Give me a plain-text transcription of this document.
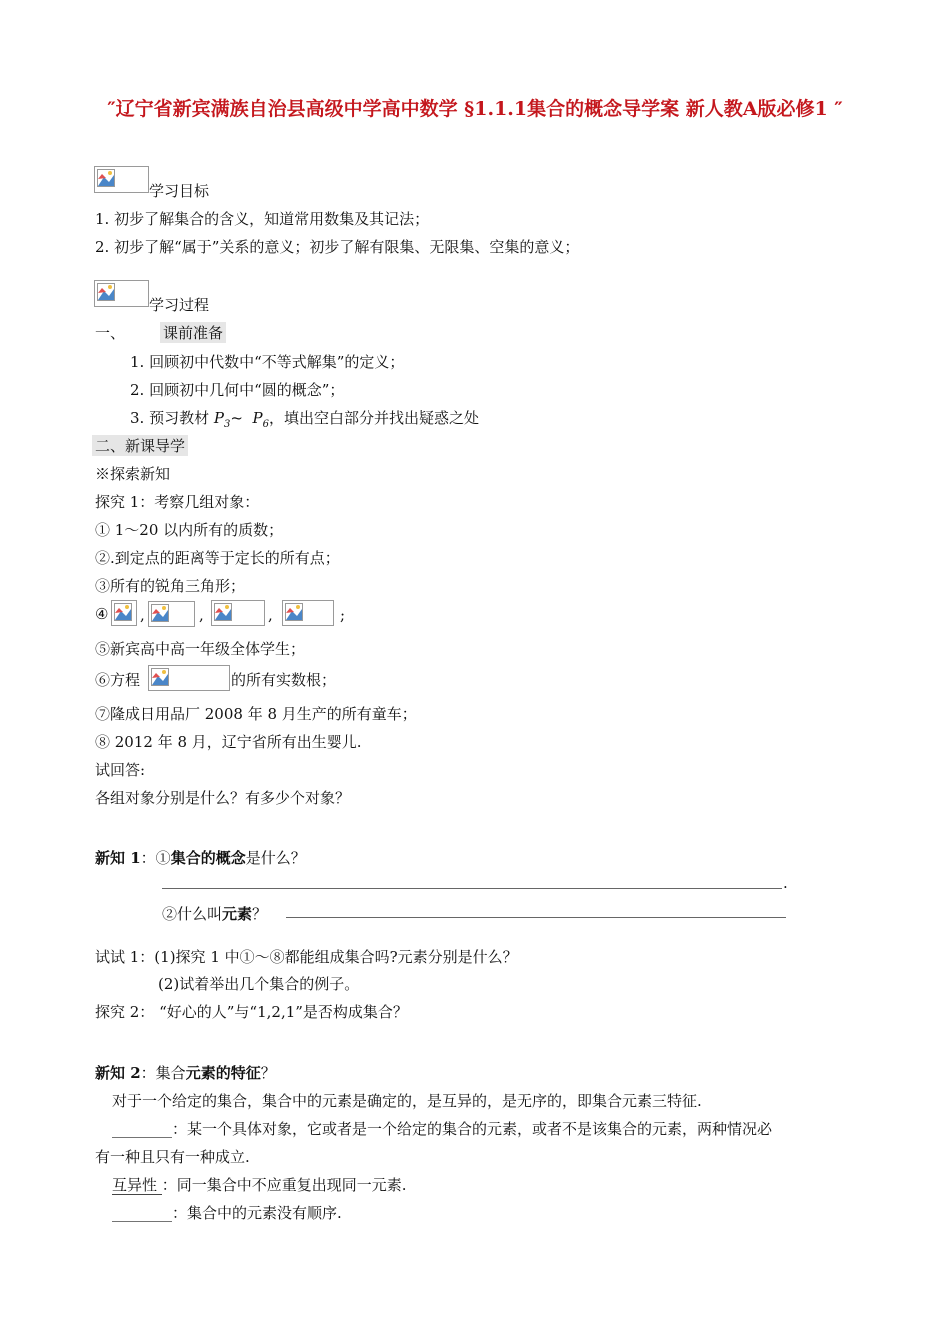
″辽宁省新宾满族自治县高级中学高中数学 §1.1.1集合的概念导学案 新人教A版必修1 ″
学习目标
1. 初步了解集合的含义，知道常用数集及其记法；
2. 初步了解“属于”关系的意义；初步了解有限集、无限集、空集的意义；
学习过程
一、	课前准备
1. 回顾初中代数中“不等式解集”的定义；
2. 回顾初中几何中“圆的概念”；
3. 预习教材 $P_3\sim$ $P_6$，填出空白部分并找出疑惑之处
二、新课导学
※探索新知
探究 1：考察几组对象：
① 1～20 以内所有的质数；
②.到定点的距离等于定长的所有点；
③所有的锐角三角形；
④ ,	,	,	;
⑤新宾高中高一年级全体学生；
⑥方程	的所有实数根；
⑦隆成日用品厂 2008 年 8 月生产的所有童车；
⑧ 2012 年 8 月，辽宁省所有出生婴儿.
试回答:
各组对象分别是什么？有多少个对象？
新知 1：①集合的概念是什么？
.
②什么叫元素？
试试 1：(1)探究 1 中①～⑧都能组成集合吗?元素分别是什么？
(2)试着举出几个集合的例子。
探究 2： “好心的人”与“1,2,1”是否构成集合？
新知 2：集合元素的特征？
对于一个给定的集合，集合中的元素是确定的，是互异的，是无序的，即集合元素三特征.
________：某一个具体对象，它或者是一个给定的集合的元素，或者不是该集合的元素，两种情况必
有一种且只有一种成立.
互异性 ：同一集合中不应重复出现同一元素.
________：集合中的元素没有顺序.
